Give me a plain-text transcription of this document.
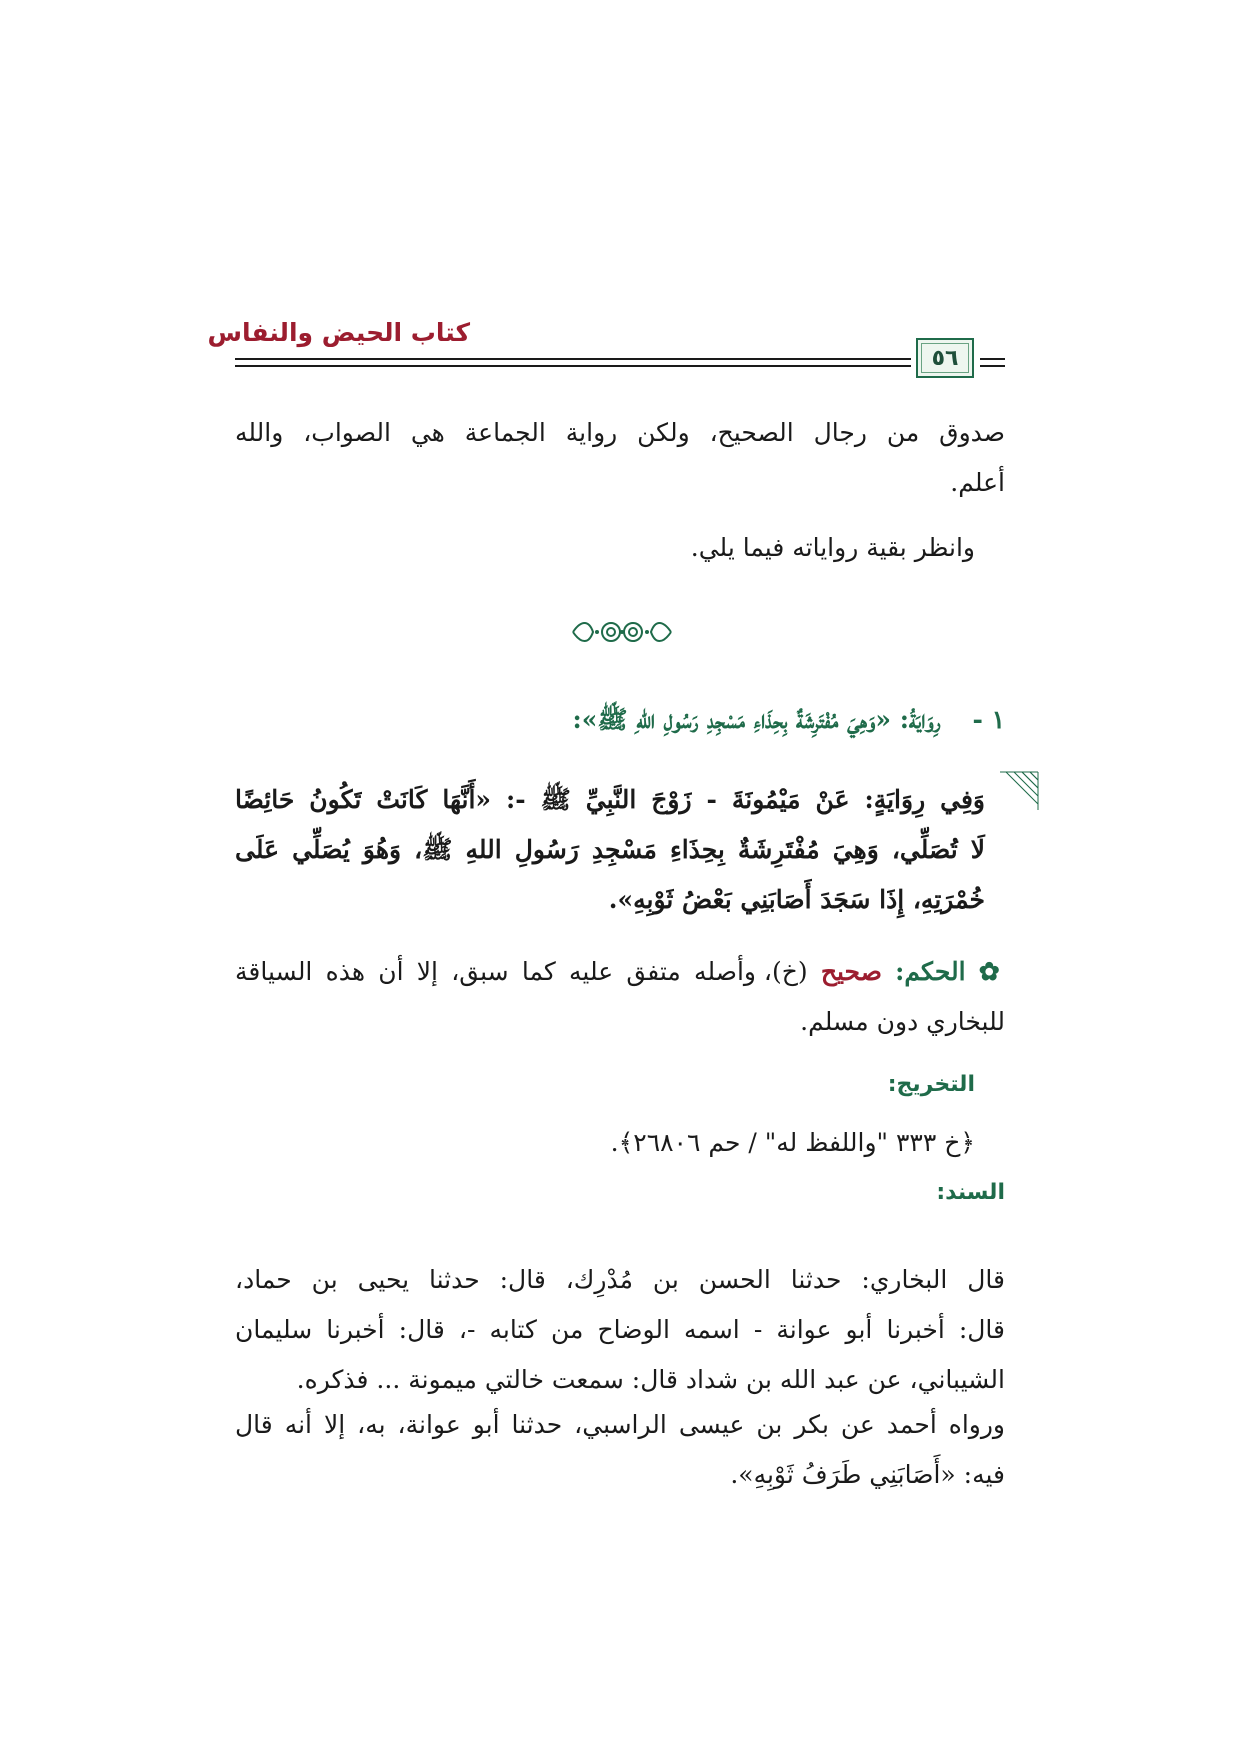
كتاب الحيض والنفاس
٥٦
صدوق من رجال الصحيح، ولكن رواية الجماعة هي الصواب، والله
أعلم.
وانظر بقية رواياته فيما يلي.
١ -    رِوَايَةُ: «وَهِيَ مُفْتَرِشَةٌ بِحِذَاءِ مَسْجِدِ رَسُولِ اللهِ ﷺ»:
وَفِي رِوَايَةٍ: عَنْ مَيْمُونَةَ - زَوْجَ النَّبِيِّ ﷺ -: «أَنَّهَا كَانَتْ تَكُونُ حَائِضًا
لَا تُصَلِّي، وَهِيَ مُفْتَرِشَةٌ بِحِذَاءِ مَسْجِدِ رَسُولِ اللهِ ﷺ، وَهُوَ يُصَلِّي عَلَى
خُمْرَتِهِ، إِذَا سَجَدَ أَصَابَنِي بَعْضُ ثَوْبِهِ».
✿ الحكم: صحيح (خ)، وأصله متفق عليه كما سبق، إلا أن هذه السياقة
للبخاري دون مسلم.
التخريج:
﴿خ ٣٣٣ "واللفظ له" / حم ٢٦٨٠٦﴾.
السند:
قال البخاري: حدثنا الحسن بن مُدْرِك، قال: حدثنا يحيى بن حماد،
قال: أخبرنا أبو عوانة - اسمه الوضاح من كتابه -، قال: أخبرنا سليمان
الشيباني، عن عبد الله بن شداد قال: سمعت خالتي ميمونة ... فذكره.
ورواه أحمد عن بكر بن عيسى الراسبي، حدثنا أبو عوانة، به، إلا أنه قال
فيه: «أَصَابَنِي طَرَفُ ثَوْبِهِ».
